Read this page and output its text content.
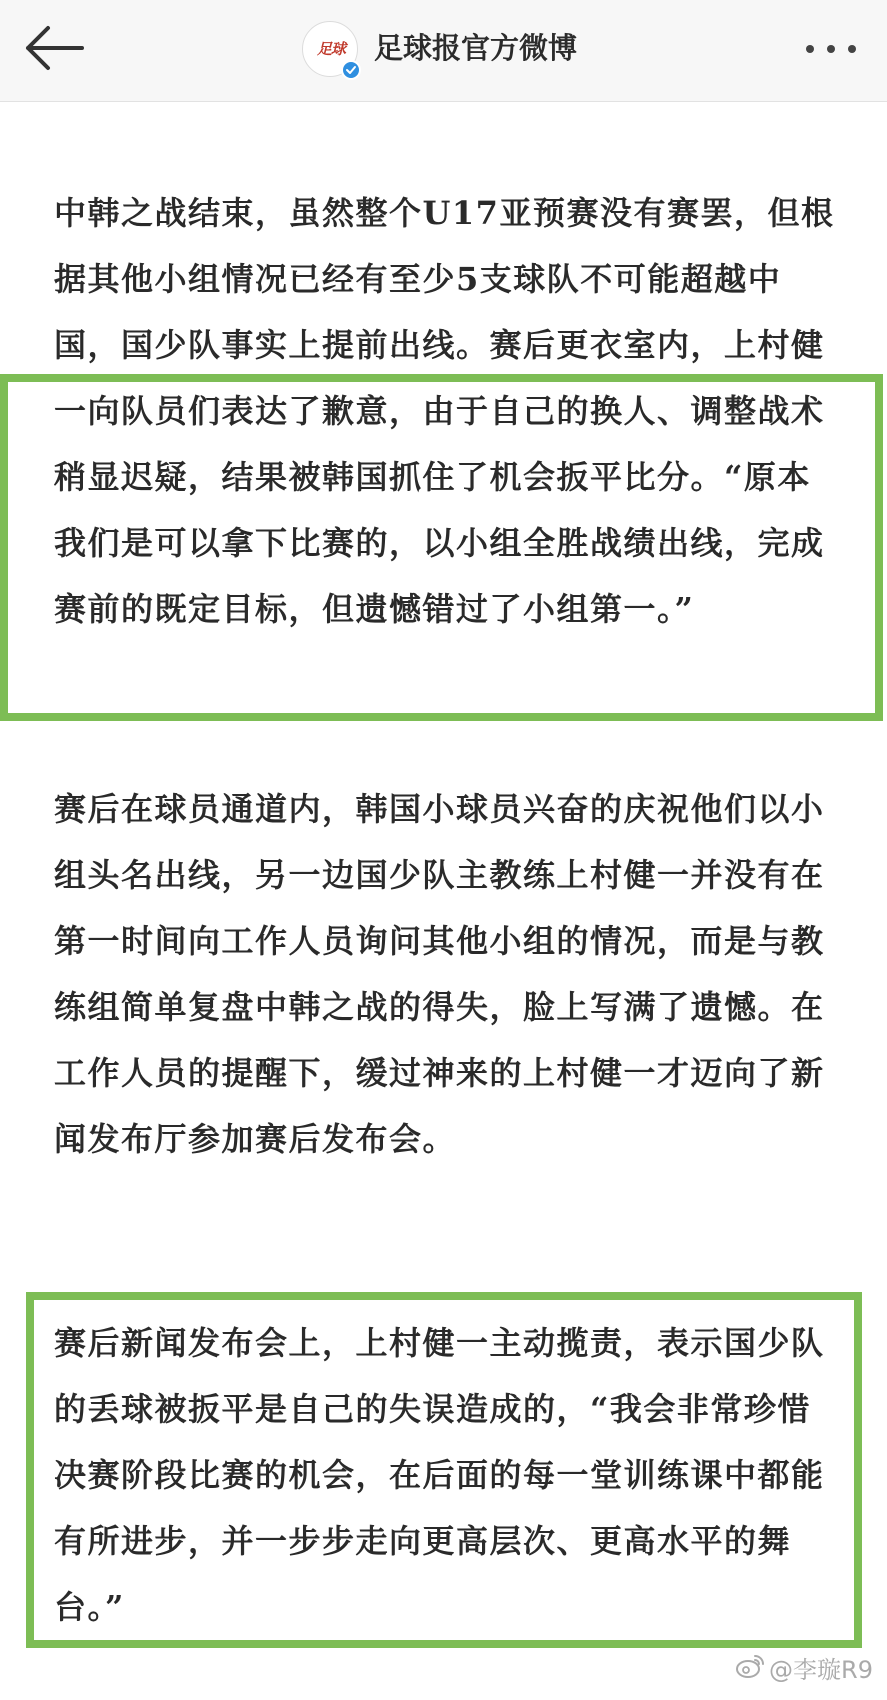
足球 足球报官方微博

中韩之战结束，虽然整个U17亚预赛没有赛罢，但根据其他小组情况已经有至少5支球队不可能超越中国，国少队事实上提前出线。赛后更衣室内，上村健一向队员们表达了歉意，由于自己的换人、调整战术稍显迟疑，结果被韩国抓住了机会扳平比分。“原本我们是可以拿下比赛的，以小组全胜战绩出线，完成赛前的既定目标，但遗憾错过了小组第一。”

赛后在球员通道内，韩国小球员兴奋的庆祝他们以小组头名出线，另一边国少队主教练上村健一并没有在第一时间向工作人员询问其他小组的情况，而是与教练组简单复盘中韩之战的得失，脸上写满了遗憾。在工作人员的提醒下，缓过神来的上村健一才迈向了新闻发布厅参加赛后发布会。

赛后新闻发布会上，上村健一主动揽责，表示国少队的丢球被扳平是自己的失误造成的，“我会非常珍惜决赛阶段比赛的机会，在后面的每一堂训练课中都能有所进步，并一步步走向更高层次、更高水平的舞台。”

@李璇R9
